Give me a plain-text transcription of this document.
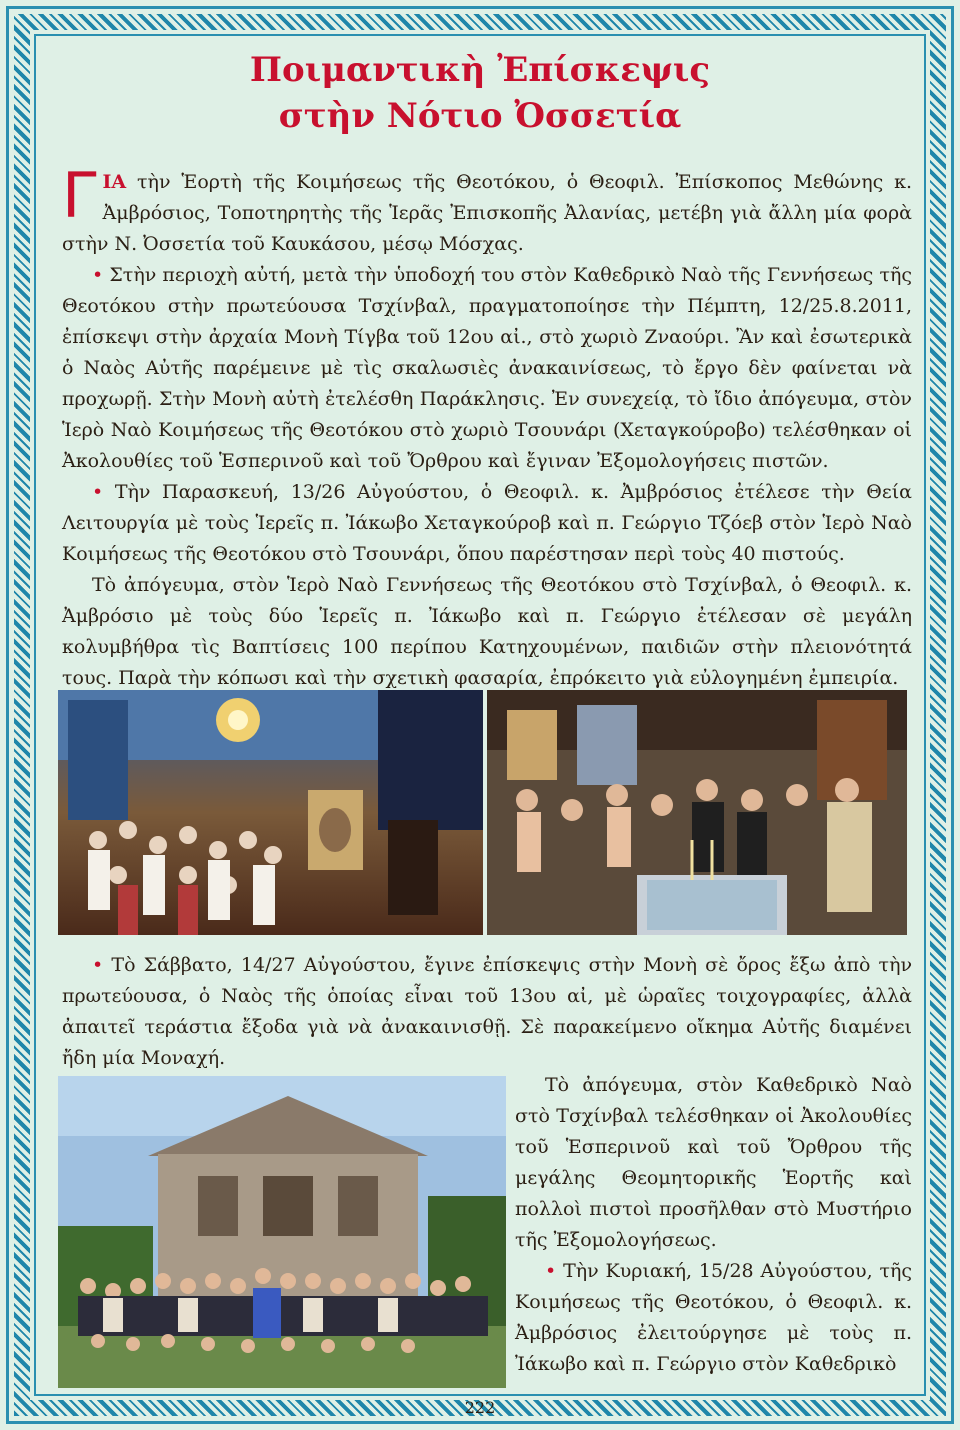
Ποιμαντικὴ Ἐπίσκεψις
στὴν Νότιο Ὀσσετία

ΓΙΑ τὴν Ἑορτὴ τῆς Κοιμήσεως τῆς Θεοτόκου, ὁ Θεοφιλ. Ἐπίσκοπος Μεθώνης κ. Ἀμβρόσιος, Τοποτηρητὴς τῆς Ἱερᾶς Ἐπισκοπῆς Ἀλανίας, μετέβη γιὰ ἄλλη μία φορὰ στὴν Ν. Ὀσσετία τοῦ Καυκάσου, μέσῳ Μόσχας.

• Στὴν περιοχὴ αὐτή, μετὰ τὴν ὑποδοχή του στὸν Καθεδρικὸ Ναὸ τῆς Γεννήσεως τῆς Θεοτόκου στὴν πρωτεύουσα Τσχίνβαλ, πραγματοποίησε τὴν Πέμπτη, 12/25.8.2011, ἐπίσκεψι στὴν ἀρχαία Μονὴ Τίγβα τοῦ 12ου αἰ., στὸ χωριὸ Ζναούρι. Ἂν καὶ ἐσωτερικὰ ὁ Ναὸς Αὐτῆς παρέμεινε μὲ τὶς σκαλωσιὲς ἀνακαινίσεως, τὸ ἔργο δὲν φαίνεται νὰ προχωρῇ. Στὴν Μονὴ αὐτὴ ἐτελέσθη Παράκλησις. Ἐν συνεχείᾳ, τὸ ἴδιο ἀπόγευμα, στὸν Ἱερὸ Ναὸ Κοιμήσεως τῆς Θεοτόκου στὸ χωριὸ Τσουνάρι (Χεταγκούροβο) τελέσθηκαν οἱ Ἀκολουθίες τοῦ Ἑσπερινοῦ καὶ τοῦ Ὄρθρου καὶ ἔγιναν Ἐξομολογήσεις πιστῶν.

• Τὴν Παρασκευή, 13/26 Αὐγούστου, ὁ Θεοφιλ. κ. Ἀμβρόσιος ἐτέλεσε τὴν Θεία Λειτουργία μὲ τοὺς Ἱερεῖς π. Ἰάκωβο Χεταγκούροβ καὶ π. Γεώργιο Τζόεβ στὸν Ἱερὸ Ναὸ Κοιμήσεως τῆς Θεοτόκου στὸ Τσουνάρι, ὅπου παρέστησαν περὶ τοὺς 40 πιστούς.

Τὸ ἀπόγευμα, στὸν Ἱερὸ Ναὸ Γεννήσεως τῆς Θεοτόκου στὸ Τσχίνβαλ, ὁ Θεοφιλ. κ. Ἀμβρόσιο μὲ τοὺς δύο Ἱερεῖς π. Ἰάκωβο καὶ π. Γεώργιο ἐτέλεσαν σὲ μεγάλη κολυμβήθρα τὶς Βαπτίσεις 100 περίπου Κατηχουμένων, παιδιῶν στὴν πλειονότητά τους. Παρὰ τὴν κόπωσι καὶ τὴν σχετικὴ φασαρία, ἐπρόκειτο γιὰ εὐλογημένη ἐμπειρία.

• Τὸ Σάββατο, 14/27 Αὐγούστου, ἔγινε ἐπίσκεψις στὴν Μονὴ σὲ ὄρος ἔξω ἀπὸ τὴν πρωτεύουσα, ὁ Ναὸς τῆς ὁποίας εἶναι τοῦ 13ου αἰ, μὲ ὡραῖες τοιχογραφίες, ἀλλὰ ἀπαιτεῖ τεράστια ἔξοδα γιὰ νὰ ἀνακαινισθῇ. Σὲ παρακείμενο οἴκημα Αὐτῆς διαμένει ἤδη μία Μοναχή.

Τὸ ἀπόγευμα, στὸν Καθεδρικὸ Ναὸ στὸ Τσχίνβαλ τελέσθηκαν οἱ Ἀκολουθίες τοῦ Ἑσπερινοῦ καὶ τοῦ Ὄρθρου τῆς μεγάλης Θεομητορικῆς Ἑορτῆς καὶ πολλοὶ πιστοὶ προσῆλθαν στὸ Μυστήριο τῆς Ἐξομολογήσεως.

• Τὴν Κυριακή, 15/28 Αὐγούστου, τῆς Κοιμήσεως τῆς Θεοτόκου, ὁ Θεοφιλ. κ. Ἀμβρόσιος ἐλειτούργησε μὲ τοὺς π. Ἰάκωβο καὶ π. Γεώργιο στὸν Καθεδρικὸ

222
